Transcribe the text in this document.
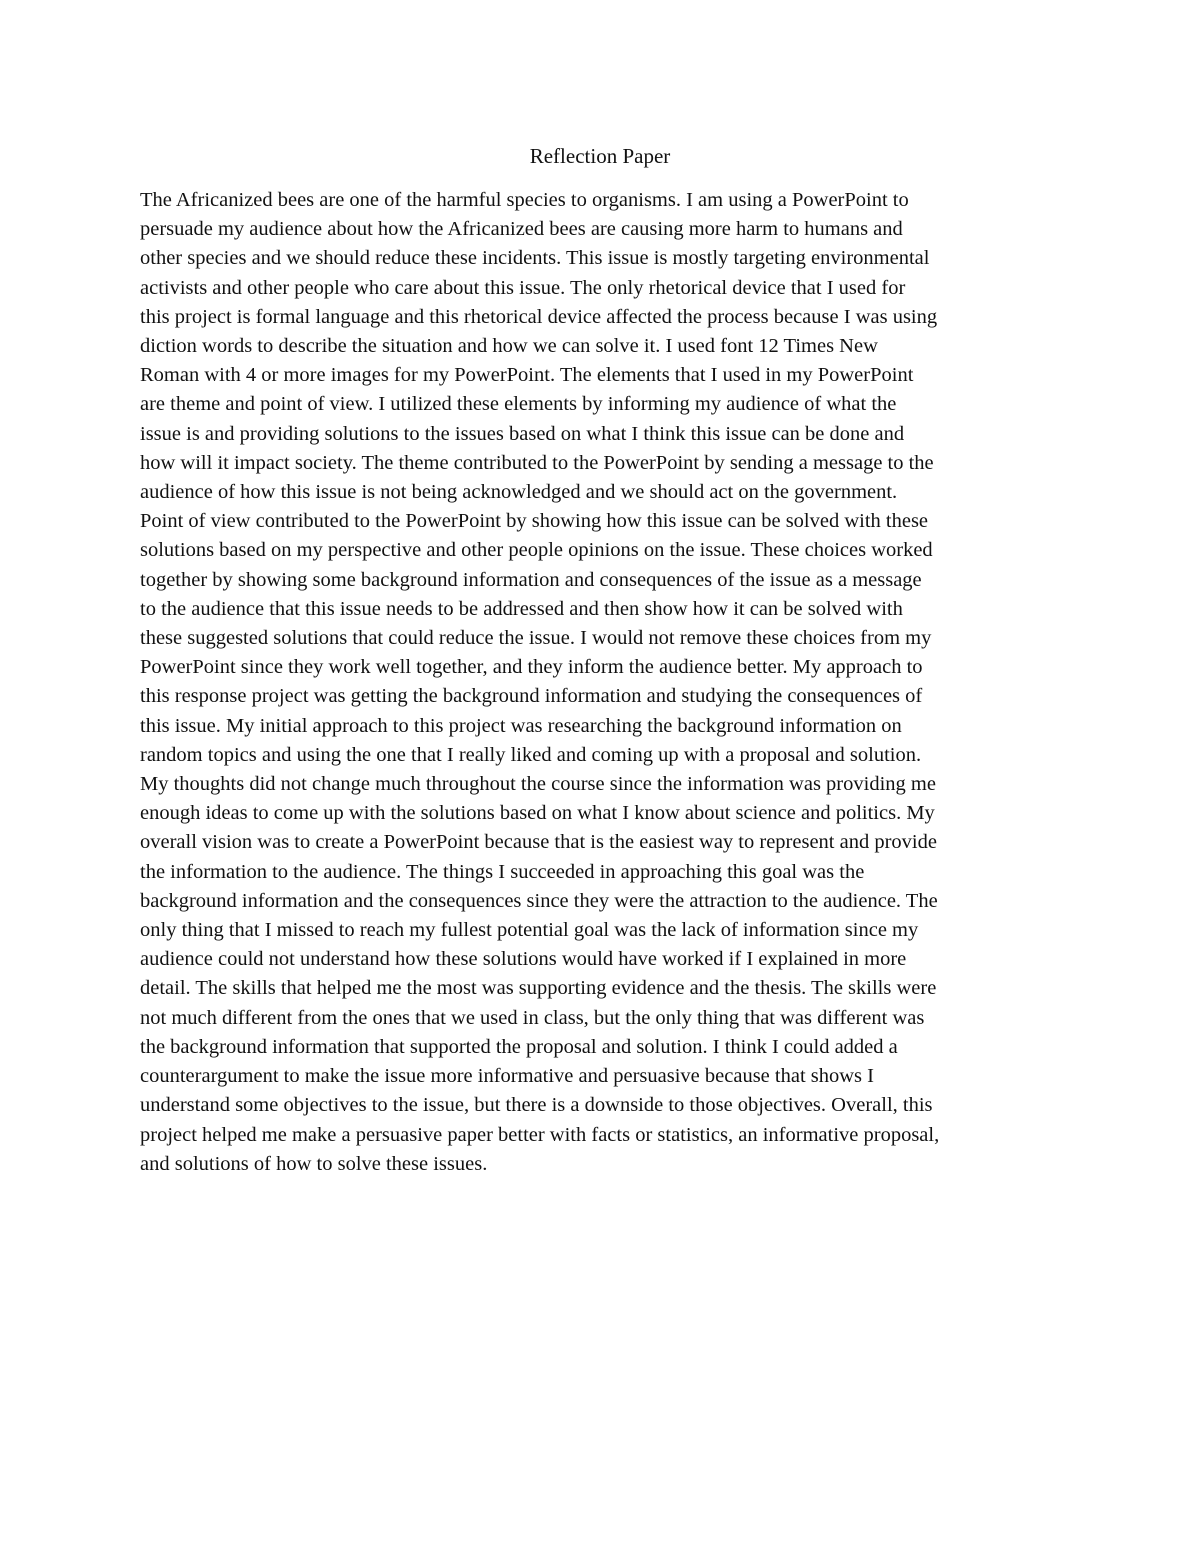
Reflection Paper
The Africanized bees are one of the harmful species to organisms. I am using a PowerPoint to
persuade my audience about how the Africanized bees are causing more harm to humans and
other species and we should reduce these incidents. This issue is mostly targeting environmental
activists and other people who care about this issue. The only rhetorical device that I used for
this project is formal language and this rhetorical device affected the process because I was using
diction words to describe the situation and how we can solve it. I used font 12 Times New
Roman with 4 or more images for my PowerPoint. The elements that I used in my PowerPoint
are theme and point of view. I utilized these elements by informing my audience of what the
issue is and providing solutions to the issues based on what I think this issue can be done and
how will it impact society. The theme contributed to the PowerPoint by sending a message to the
audience of how this issue is not being acknowledged and we should act on the government.
Point of view contributed to the PowerPoint by showing how this issue can be solved with these
solutions based on my perspective and other people opinions on the issue. These choices worked
together by showing some background information and consequences of the issue as a message
to the audience that this issue needs to be addressed and then show how it can be solved with
these suggested solutions that could reduce the issue. I would not remove these choices from my
PowerPoint since they work well together, and they inform the audience better. My approach to
this response project was getting the background information and studying the consequences of
this issue. My initial approach to this project was researching the background information on
random topics and using the one that I really liked and coming up with a proposal and solution.
My thoughts did not change much throughout the course since the information was providing me
enough ideas to come up with the solutions based on what I know about science and politics. My
overall vision was to create a PowerPoint because that is the easiest way to represent and provide
the information to the audience. The things I succeeded in approaching this goal was the
background information and the consequences since they were the attraction to the audience. The
only thing that I missed to reach my fullest potential goal was the lack of information since my
audience could not understand how these solutions would have worked if I explained in more
detail. The skills that helped me the most was supporting evidence and the thesis. The skills were
not much different from the ones that we used in class, but the only thing that was different was
the background information that supported the proposal and solution. I think I could added a
counterargument to make the issue more informative and persuasive because that shows I
understand some objectives to the issue, but there is a downside to those objectives. Overall, this
project helped me make a persuasive paper better with facts or statistics, an informative proposal,
and solutions of how to solve these issues.
